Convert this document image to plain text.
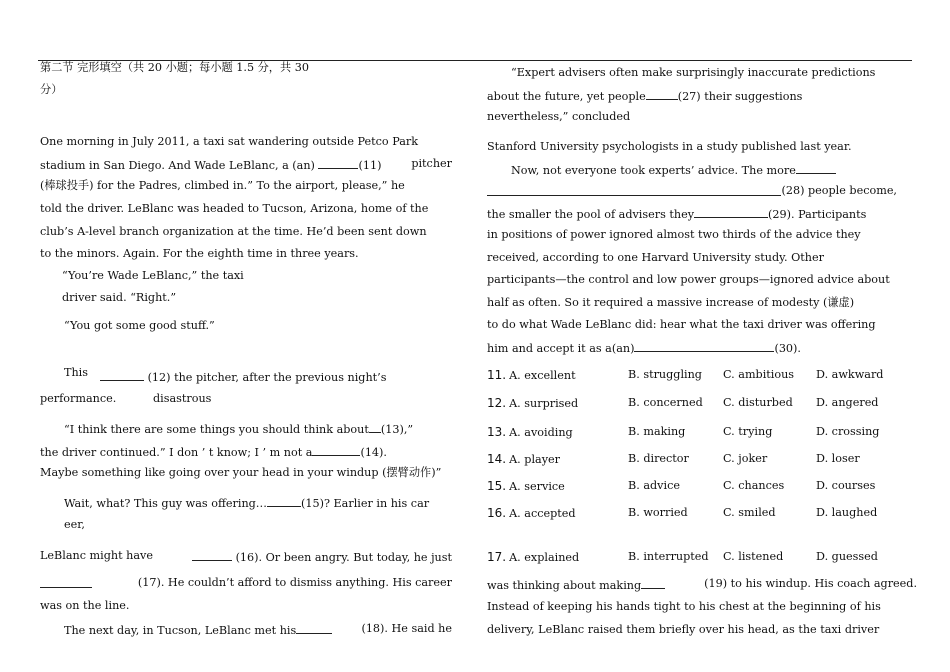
第二节 完形填空（共 20 小题；每小题 1.5 分，共 30
分）
One morning in July 2011, a taxi sat wandering outside Petco Park
stadium in San Diego. And Wade LeBlanc, a (an)	(11)	pitcher
(棒球投手) for the Padres, climbed in.” To the airport, please,” he
told the driver. LeBlanc was headed to Tucson, Arizona, home of the
club’s A-level branch organization at the time. He’d been sent down
to the minors. Again. For the eighth time in three years.
“You’re Wade LeBlanc,” the taxi
driver said. “Right.”
“You got some good stuff.”
This	(12) the pitcher, after the previous night’s
performance.	disastrous
“I think there are some things you should think about (13),”
the driver continued.” I don ’ t know; I ’ m not a	(14).
Maybe something like going over your head in your windup (摆臂动作)”
Wait, what? This guy was offering…	(15)? Earlier in his car
eer,
LeBlanc might have	(16). Or been angry. But today, he just
(17). He couldn’t afford to dismiss anything. His career
was on the line.
The next day, in Tucson, LeBlanc met his	(18). He said he
“Expert advisers often make surprisingly inaccurate predictions
about the future, yet people	(27) their suggestions
nevertheless,” concluded
Stanford University psychologists in a study published last year.
Now, not everyone took experts’ advice. The more
(28) people become,
the smaller the pool of advisers they	(29). Participants
in positions of power ignored almost two thirds of the advice they
received, according to one Harvard University study. Other
participants—the control and low power groups—ignored advice about
half as often. So it required a massive increase of modesty (谦虚)
to do what Wade LeBlanc did: hear what the taxi driver was offering
him and accept it as a(an)	(30).
11. A. excellent	B. struggling C. ambitious D. awkward
12. A. surprised	B. concerned C. disturbed D. angered
13. A. avoiding	B. making	C. trying	D. crossing
14. A. player	B. director	C. joker	D. loser
15. A. service	B. advice	C. chances	D. courses
16. A. accepted	B. worried	C. smiled	D. laughed
17. A. explained	B. interrupted C. listened	D. guessed
was thinking about making	(19) to his windup. His coach agreed.
Instead of keeping his hands tight to his chest at the beginning of his
delivery, LeBlanc raised them briefly over his head, as the taxi driver
